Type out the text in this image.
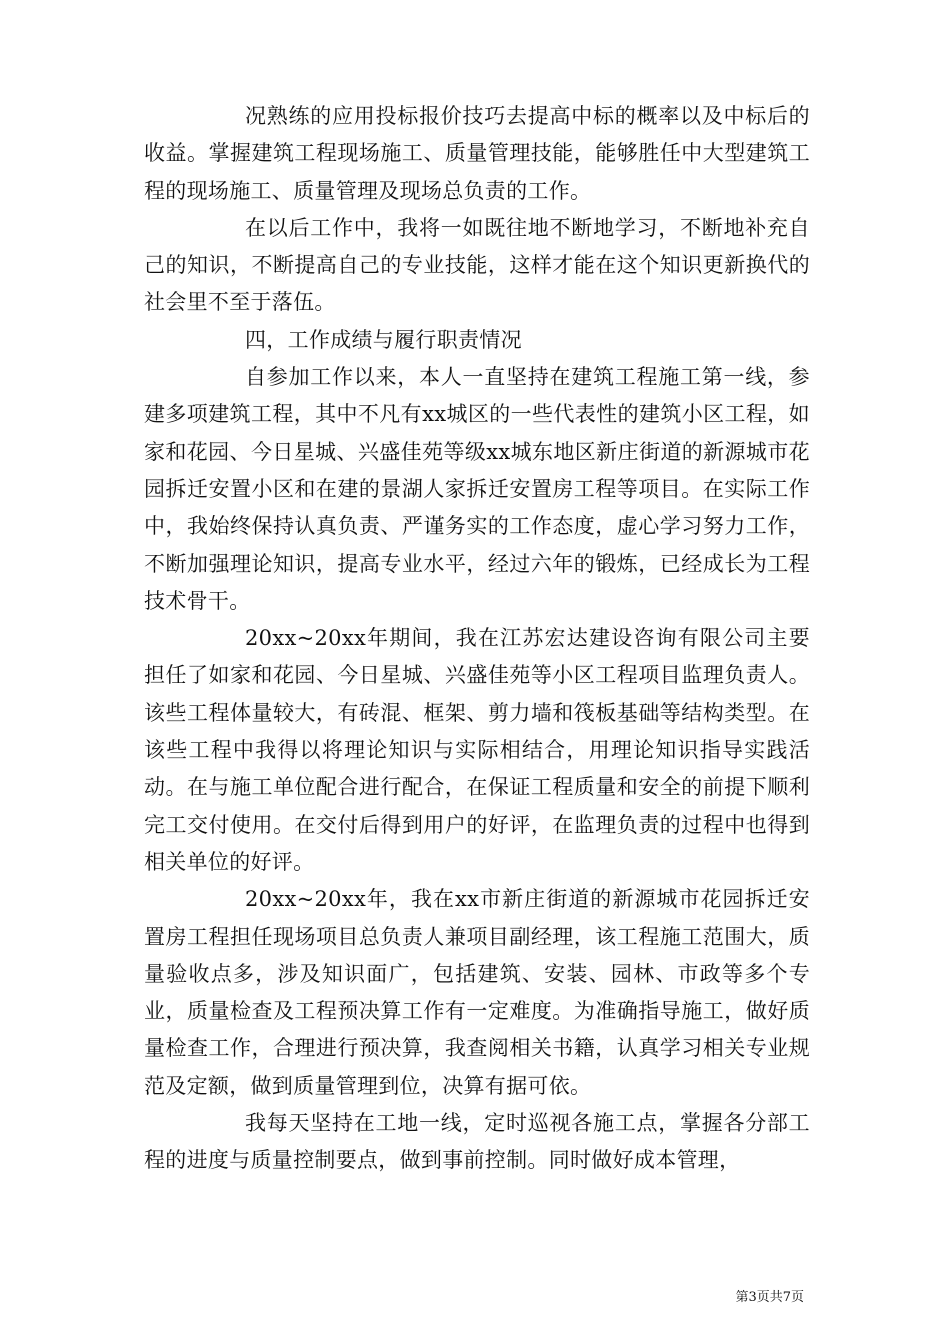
况熟练的应用投标报价技巧去提高中标的概率以及中标后的收益。掌握建筑工程现场施工、质量管理技能，能够胜任中大型建筑工程的现场施工、质量管理及现场总负责的工作。

在以后工作中，我将一如既往地不断地学习，不断地补充自己的知识，不断提高自己的专业技能，这样才能在这个知识更新换代的社会里不至于落伍。

四，工作成绩与履行职责情况

自参加工作以来，本人一直坚持在建筑工程施工第一线，参建多项建筑工程，其中不凡有xx城区的一些代表性的建筑小区工程，如家和花园、今日星城、兴盛佳苑等级xx城东地区新庄街道的新源城市花园拆迁安置小区和在建的景湖人家拆迁安置房工程等项目。在实际工作中，我始终保持认真负责、严谨务实的工作态度，虚心学习努力工作，不断加强理论知识，提高专业水平，经过六年的锻炼，已经成长为工程技术骨干。

20xx~20xx年期间，我在江苏宏达建设咨询有限公司主要担任了如家和花园、今日星城、兴盛佳苑等小区工程项目监理负责人。该些工程体量较大，有砖混、框架、剪力墙和筏板基础等结构类型。在该些工程中我得以将理论知识与实际相结合，用理论知识指导实践活动。在与施工单位配合进行配合，在保证工程质量和安全的前提下顺利完工交付使用。在交付后得到用户的好评，在监理负责的过程中也得到相关单位的好评。

20xx~20xx年，我在xx市新庄街道的新源城市花园拆迁安置房工程担任现场项目总负责人兼项目副经理，该工程施工范围大，质量验收点多，涉及知识面广，包括建筑、安装、园林、市政等多个专业，质量检查及工程预决算工作有一定难度。为准确指导施工，做好质量检查工作，合理进行预决算，我查阅相关书籍，认真学习相关专业规范及定额，做到质量管理到位，决算有据可依。

我每天坚持在工地一线，定时巡视各施工点，掌握各分部工程的进度与质量控制要点，做到事前控制。同时做好成本管理，

第3页共7页
